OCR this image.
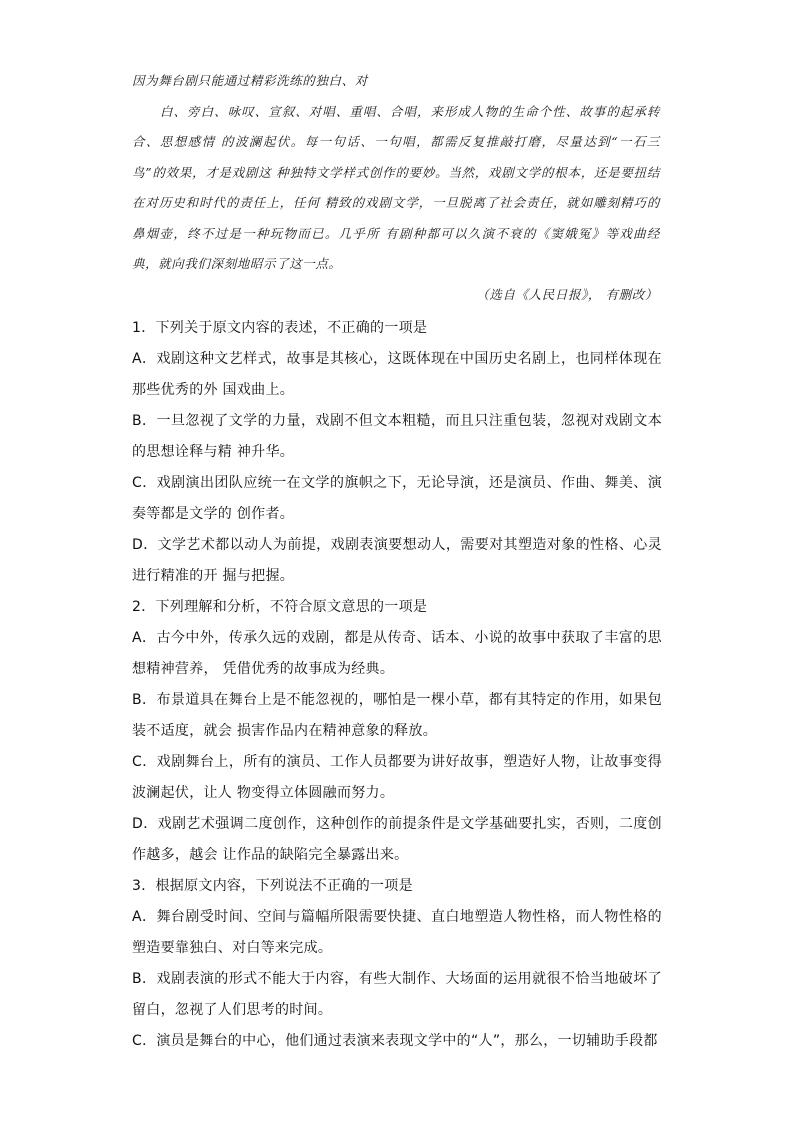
因为舞台剧只能通过精彩洗练的独白、对

白、旁白、咏叹、宣叙、对唱、重唱、合唱，来形成人物的生命个性、故事的起承转合、思想感情 的波澜起伏。每一句话、一句唱，都需反复推敲打磨，尽量达到“一石三鸟”的效果，才是戏剧这 种独特文学样式创作的要妙。当然，戏剧文学的根本，还是要扭结在对历史和时代的责任上，任何 精致的戏剧文学，一旦脱离了社会责任，就如雕刻精巧的鼻烟壶，终不过是一种玩物而已。几乎所 有剧种都可以久演不衰的《窦娥冤》等戏曲经典，就向我们深刻地昭示了这一点。

（选自《人民日报》， 有删改）

1．下列关于原文内容的表述，不正确的一项是

A．戏剧这种文艺样式，故事是其核心，这既体现在中国历史名剧上，也同样体现在那些优秀的外 国戏曲上。

B．一旦忽视了文学的力量，戏剧不但文本粗糙，而且只注重包装，忽视对戏剧文本的思想诠释与精 神升华。

C．戏剧演出团队应统一在文学的旗帜之下，无论导演，还是演员、作曲、舞美、演奏等都是文学的 创作者。

D．文学艺术都以动人为前提，戏剧表演要想动人，需要对其塑造对象的性格、心灵进行精准的开 掘与把握。

2．下列理解和分析，不符合原文意思的一项是

A．古今中外，传承久远的戏剧，都是从传奇、话本、小说的故事中获取了丰富的思想精神营养， 凭借优秀的故事成为经典。

B．布景道具在舞台上是不能忽视的，哪怕是一棵小草，都有其特定的作用，如果包装不适度，就会 损害作品内在精神意象的释放。

C．戏剧舞台上，所有的演员、工作人员都要为讲好故事，塑造好人物，让故事变得波澜起伏，让人 物变得立体圆融而努力。

D．戏剧艺术强调二度创作，这种创作的前提条件是文学基础要扎实，否则，二度创作越多，越会 让作品的缺陷完全暴露出来。

3．根据原文内容，下列说法不正确的一项是

A．舞台剧受时间、空间与篇幅所限需要快捷、直白地塑造人物性格，而人物性格的塑造要靠独白、对白等来完成。

B．戏剧表演的形式不能大于内容，有些大制作、大场面的运用就很不恰当地破坏了留白，忽视了人们思考的时间。

C．演员是舞台的中心，他们通过表演来表现文学中的“人”，那么，一切辅助手段都
